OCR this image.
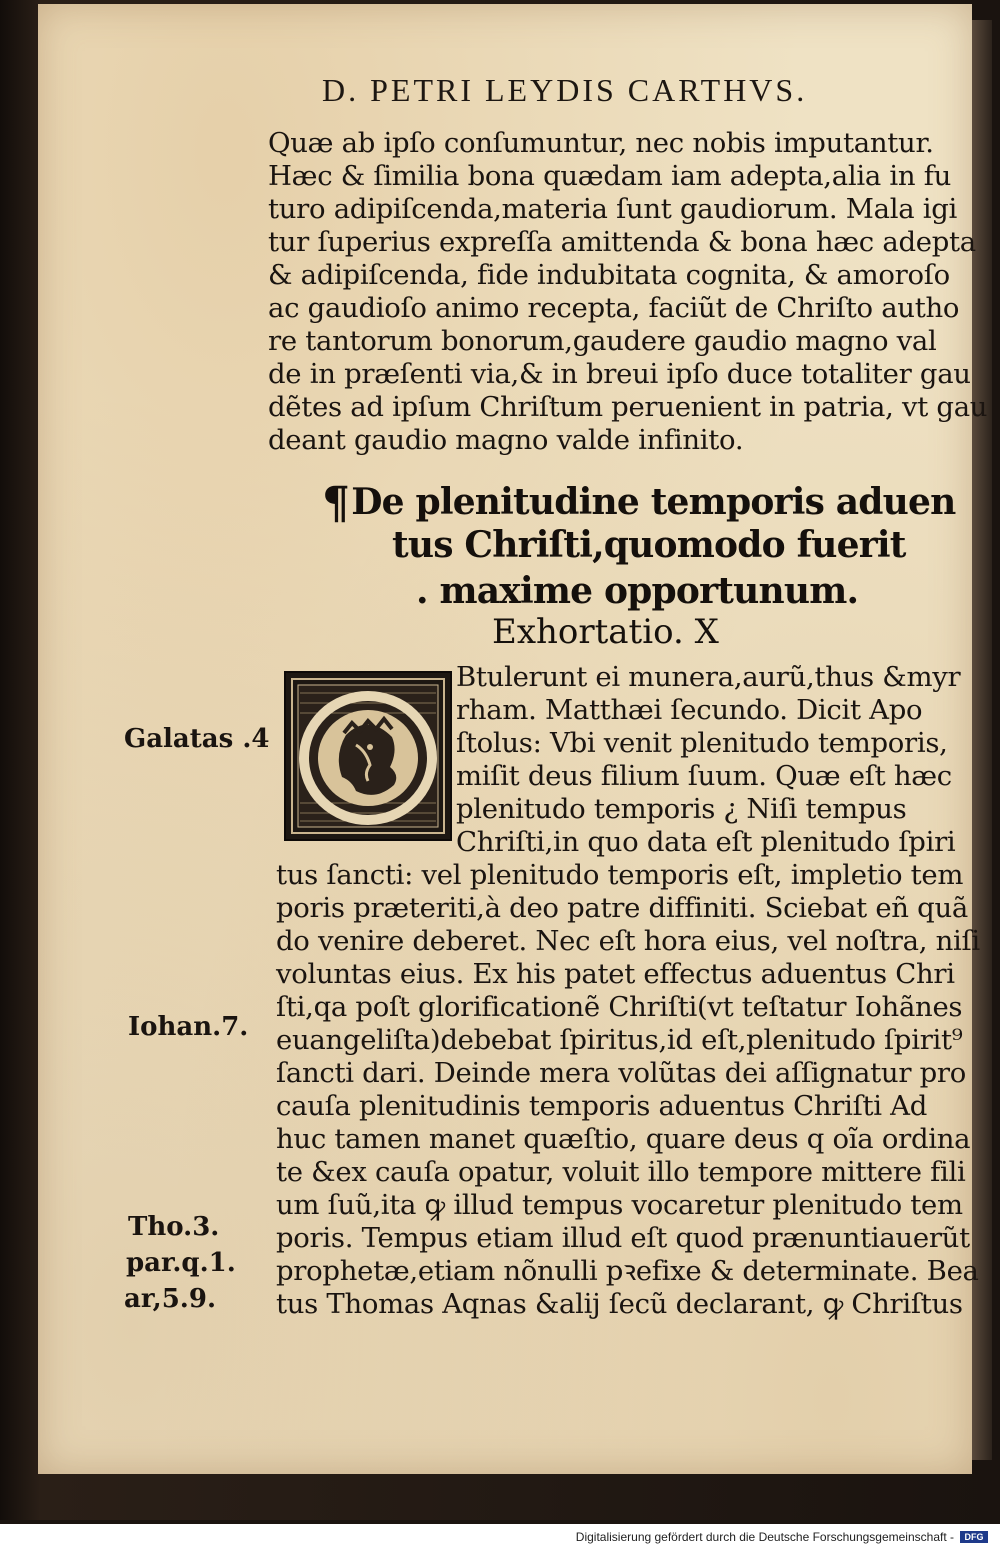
D. PETRI LEYDIS CARTHVS.
Quæ ab ipſo conſumuntur, nec nobis imputantur.
Hæc & ſimilia bona quædam iam adepta,alia in fu
turo adipiſcenda,materia ſunt gaudiorum. Mala igi
tur ſuperius expreſſa amittenda & bona hæc adepta
& adipiſcenda, fide indubitata cognita, & amoroſo
ac gaudioſo animo recepta, faciũt de Chriſto autho
re tantorum bonorum,gaudere gaudio magno val
de in præſenti via,& in breui ipſo duce totaliter gau
dẽtes ad ipſum Chriſtum peruenient in patria, vt gau
deant gaudio magno valde infinito.
¶De plenitudine temporis aduen
tus Chriſti,quomodo fuerit
. maxime opportunum.
Exhortatio. X
Btulerunt ei munera,aurũ,thus &myr
rham. Matthæi ſecundo. Dicit Apo
ſtolus: Vbi venit plenitudo temporis,
miſit deus filium ſuum. Quæ eſt hæc
plenitudo temporis ¿ Niſi tempus
Chriſti,in quo data eſt plenitudo ſpiri
tus ſancti: vel plenitudo temporis eſt, impletio tem
poris præteriti,à deo patre diffiniti. Sciebat eñ quã
do venire deberet. Nec eſt hora eius, vel noſtra, niſi
voluntas eius. Ex his patet effectus aduentus Chri
ſti,qa poſt glorificationẽ Chriſti(vt teſtatur Iohãnes
euangeliſta)debebat ſpiritus,id eſt,plenitudo ſpirit⁹
ſancti dari. Deinde mera volũtas dei aſſignatur pro
cauſa plenitudinis temporis aduentus Chriſti Ad
huc tamen manet quæſtio, quare deus q oĩa ordina
te &ex cauſa opatur, voluit illo tempore mittere fili
um ſuũ,ita ꝙ illud tempus vocaretur plenitudo tem
poris. Tempus etiam illud eſt quod prænuntiauerũt
prophetæ,etiam nõnulli pꝛefixe & determinate. Bea
tus Thomas Aqnas &alij ſecũ declarant, ꝙ Chriſtus
Galatas .4
Iohan.7.
Tho.3.
par.q.1.
ar,5.9.
Digitalisierung gefördert durch die Deutsche Forschungsgemeinschaft -	DFG
